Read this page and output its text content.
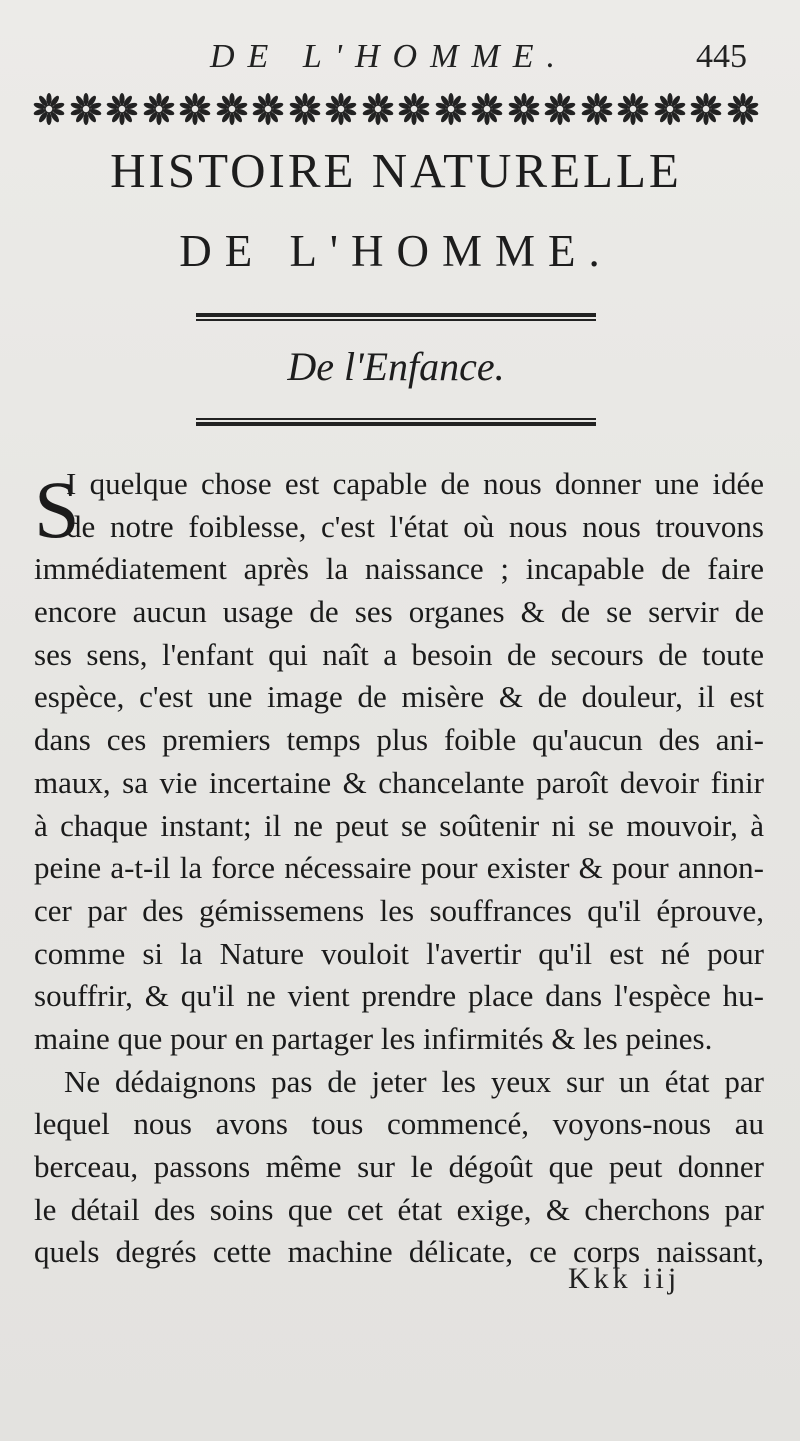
DE L'HOMME.	445
HISTOIRE NATURELLE
DE L'HOMME.
De l'Enfance.
S
I quelque chose est capable de nous donner une idée
de notre foiblesse, c'est l'état où nous nous trouvons
immédiatement après la naissance ; incapable de faire
encore aucun usage de ses organes & de se servir de
ses sens, l'enfant qui naît a besoin de secours de toute
espèce, c'est une image de misère & de douleur, il est
dans ces premiers temps plus foible qu'aucun des ani-
maux, sa vie incertaine & chancelante paroît devoir finir
à chaque instant; il ne peut se soûtenir ni se mouvoir, à
peine a-t-il la force nécessaire pour exister & pour annon-
cer par des gémissemens les souffrances qu'il éprouve,
comme si la Nature vouloit l'avertir qu'il est né pour
souffrir, & qu'il ne vient prendre place dans l'espèce hu-
maine que pour en partager les infirmités & les peines.
Ne dédaignons pas de jeter les yeux sur un état par
lequel nous avons tous commencé, voyons-nous au
berceau, passons même sur le dégoût que peut donner
le détail des soins que cet état exige, & cherchons par
quels degrés cette machine délicate, ce corps naissant,
Kkk iij
